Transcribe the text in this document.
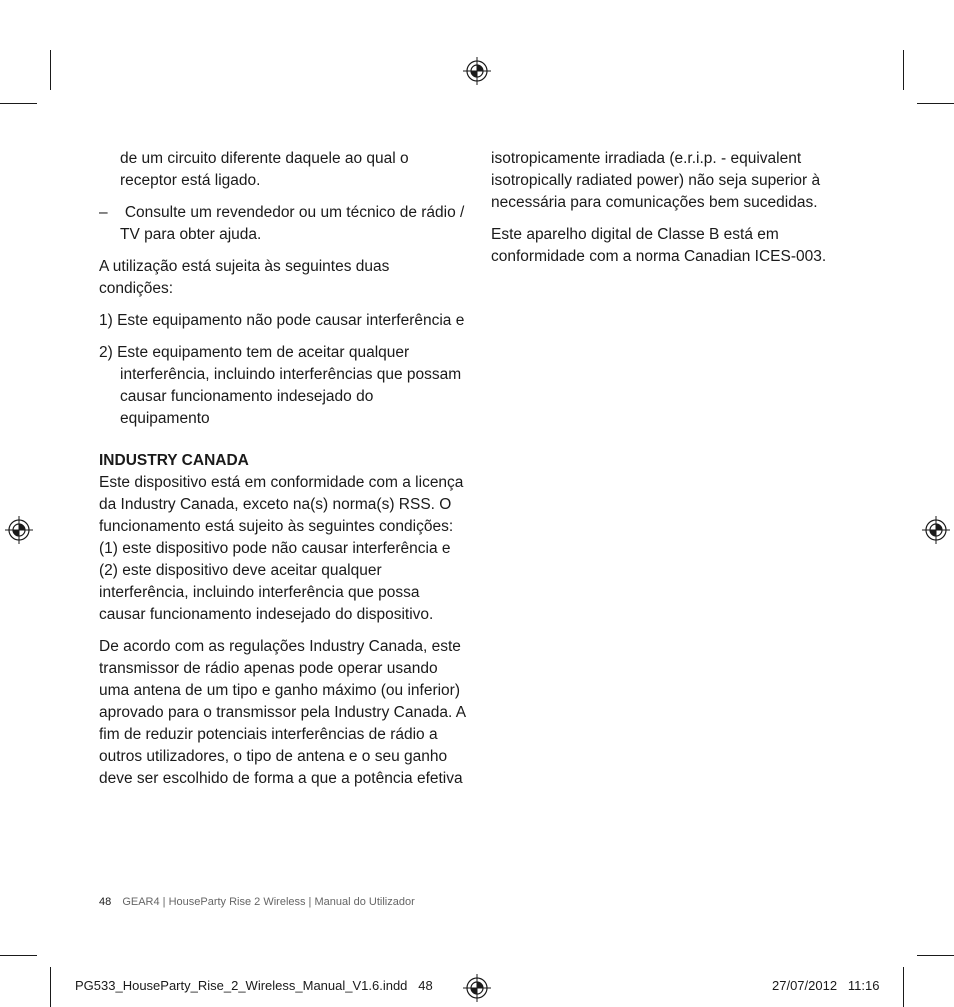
de um circuito diferente daquele ao qual o receptor está ligado.

– Consulte um revendedor ou um técnico de rádio / TV para obter ajuda.

A utilização está sujeita às seguintes duas condições:

1) Este equipamento não pode causar interferência e

2) Este equipamento tem de aceitar qualquer interferência, incluindo interferências que possam causar funcionamento indesejado do equipamento

INDUSTRY CANADA

Este dispositivo está em conformidade com a licença da Industry Canada, exceto na(s) norma(s) RSS. O funcionamento está sujeito às seguintes condições: (1) este dispositivo pode não causar interferência e (2) este dispositivo deve aceitar qualquer interferência, incluindo interferência que possa causar funcionamento indesejado do dispositivo.

De acordo com as regulações Industry Canada, este transmissor de rádio apenas pode operar usando uma antena de um tipo e ganho máximo (ou inferior) aprovado para o transmissor pela Industry Canada. A fim de reduzir potenciais interferências de rádio a outros utilizadores, o tipo de antena e o seu ganho deve ser escolhido de forma a que a potência efetiva

isotropicamente irradiada (e.r.i.p. - equivalent isotropically radiated power) não seja superior à necessária para comunicações bem sucedidas.

Este aparelho digital de Classe B está em conformidade com a norma Canadian ICES-003.

48 GEAR4 | HouseParty Rise 2 Wireless | Manual do Utilizador
PG533_HouseParty_Rise_2_Wireless_Manual_V1.6.indd   48	27/07/2012   11:16
